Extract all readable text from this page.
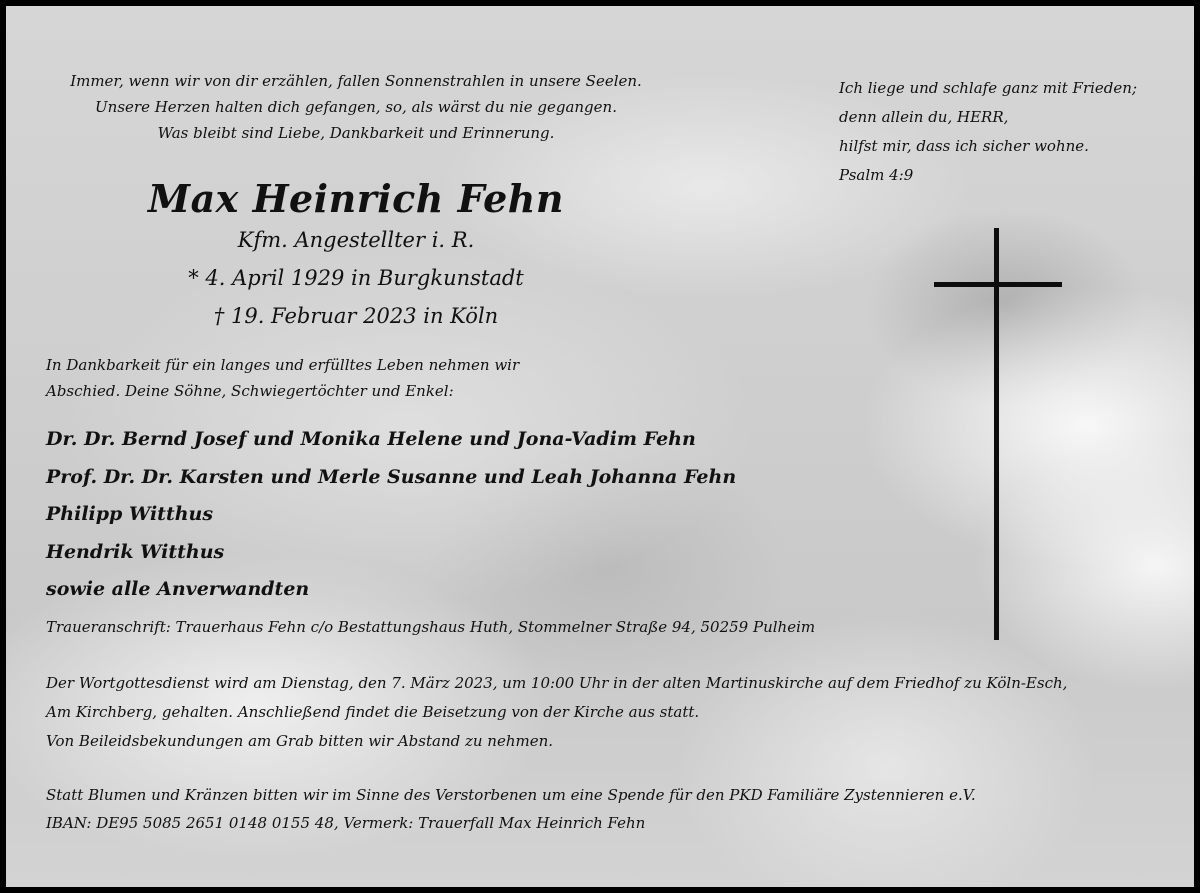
Immer, wenn wir von dir erzählen, fallen Sonnenstrahlen in unsere Seelen.
Unsere Herzen halten dich gefangen, so, als wärst du nie gegangen.
Was bleibt sind Liebe, Dankbarkeit und Erinnerung.
Ich liege und schlafe ganz mit Frieden;
denn allein du, HERR,
hilfst mir, dass ich sicher wohne.
Psalm 4:9
Max Heinrich Fehn
Kfm. Angestellter i. R.
* 4. April 1929 in Burgkunstadt
† 19. Februar 2023 in Köln
In Dankbarkeit für ein langes und erfülltes Leben nehmen wir
Abschied. Deine Söhne, Schwiegertöchter und Enkel:
Dr. Dr. Bernd Josef und Monika Helene und Jona-Vadim Fehn
Prof. Dr. Dr. Karsten und Merle Susanne und Leah Johanna Fehn
Philipp Witthus
Hendrik Witthus
sowie alle Anverwandten
Traueranschrift: Trauerhaus Fehn c/o Bestattungshaus Huth, Stommelner Straße 94, 50259 Pulheim
Der Wortgottesdienst wird am Dienstag, den 7. März 2023, um 10:00 Uhr in der alten Martinuskirche auf dem Friedhof zu Köln-Esch,
Am Kirchberg, gehalten. Anschließend findet die Beisetzung von der Kirche aus statt.
Von Beileidsbekundungen am Grab bitten wir Abstand zu nehmen.
Statt Blumen und Kränzen bitten wir im Sinne des Verstorbenen um eine Spende für den PKD Familiäre Zystennieren e.V.
IBAN: DE95 5085 2651 0148 0155 48, Vermerk: Trauerfall Max Heinrich Fehn
